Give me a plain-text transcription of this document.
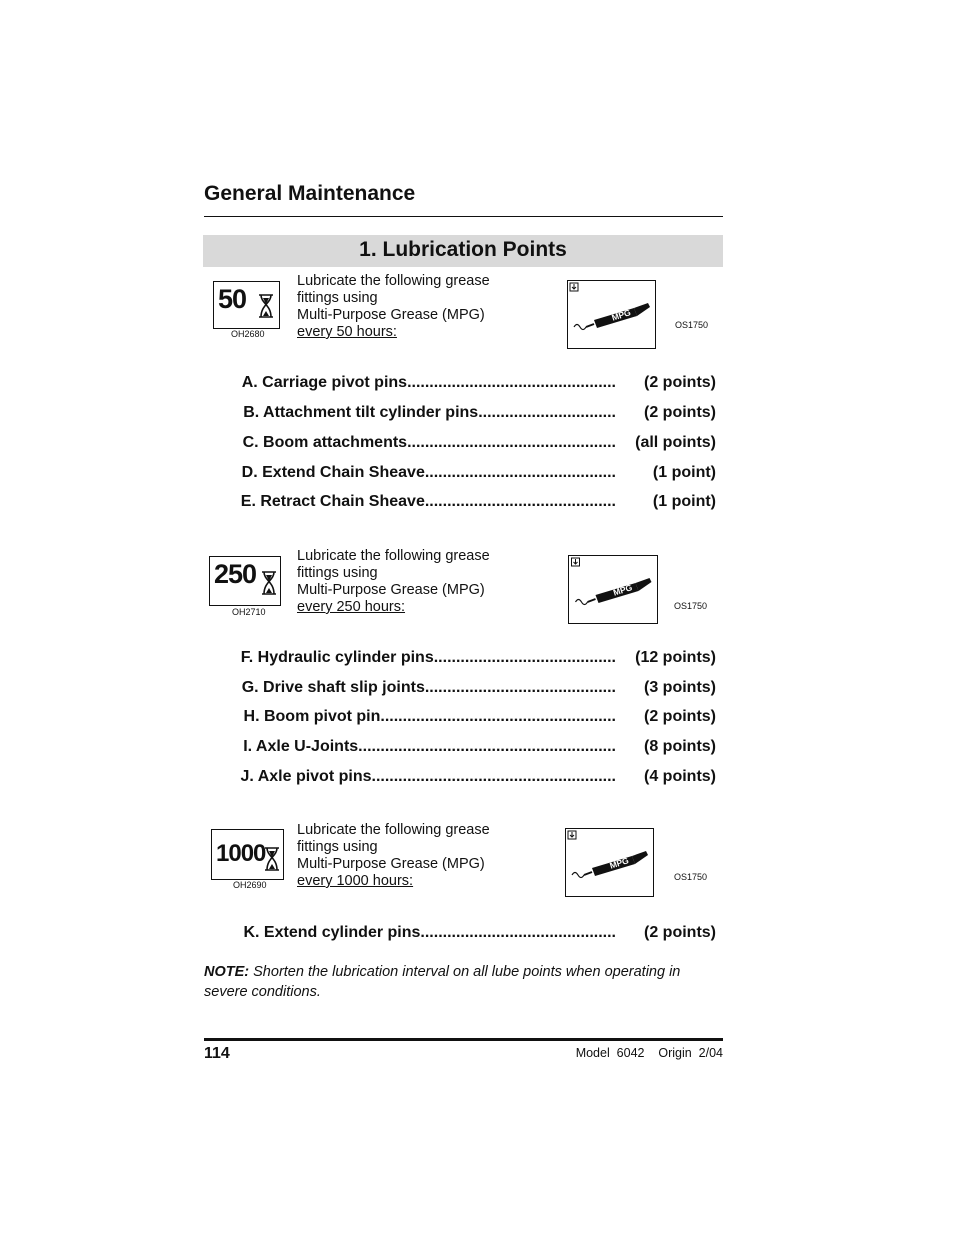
General Maintenance
1. Lubrication Points
50
OH2680
Lubricate the following grease
fittings using
Multi-Purpose Grease (MPG)
every 50 hours:
MPG
OS1750
250
OH2710
Lubricate the following grease
fittings using
Multi-Purpose Grease (MPG)
every 250 hours:
MPG
OS1750
1000
OH2690
Lubricate the following grease
fittings using
Multi-Purpose Grease (MPG)
every 1000 hours:
MPG
OS1750
A. Carriage pivot pins ............................................... (2 points)
B. Attachment tilt cylinder pins ............................... (2 points)
C. Boom attachments ............................................... (all points)
D. Extend Chain Sheave ........................................... (1 point)
E. Retract Chain Sheave ........................................... (1 point)
F. Hydraulic cylinder pins ......................................... (12 points)
G. Drive shaft slip joints ........................................... (3 points)
H. Boom pivot pin ..................................................... (2 points)
I. Axle U-Joints .......................................................... (8 points)
J. Axle pivot pins ....................................................... (4 points)
K. Extend cylinder pins ............................................ (2 points)
NOTE: Shorten the lubrication interval on all lube points when operating in severe conditions.
114	Model  6042    Origin  2/04
